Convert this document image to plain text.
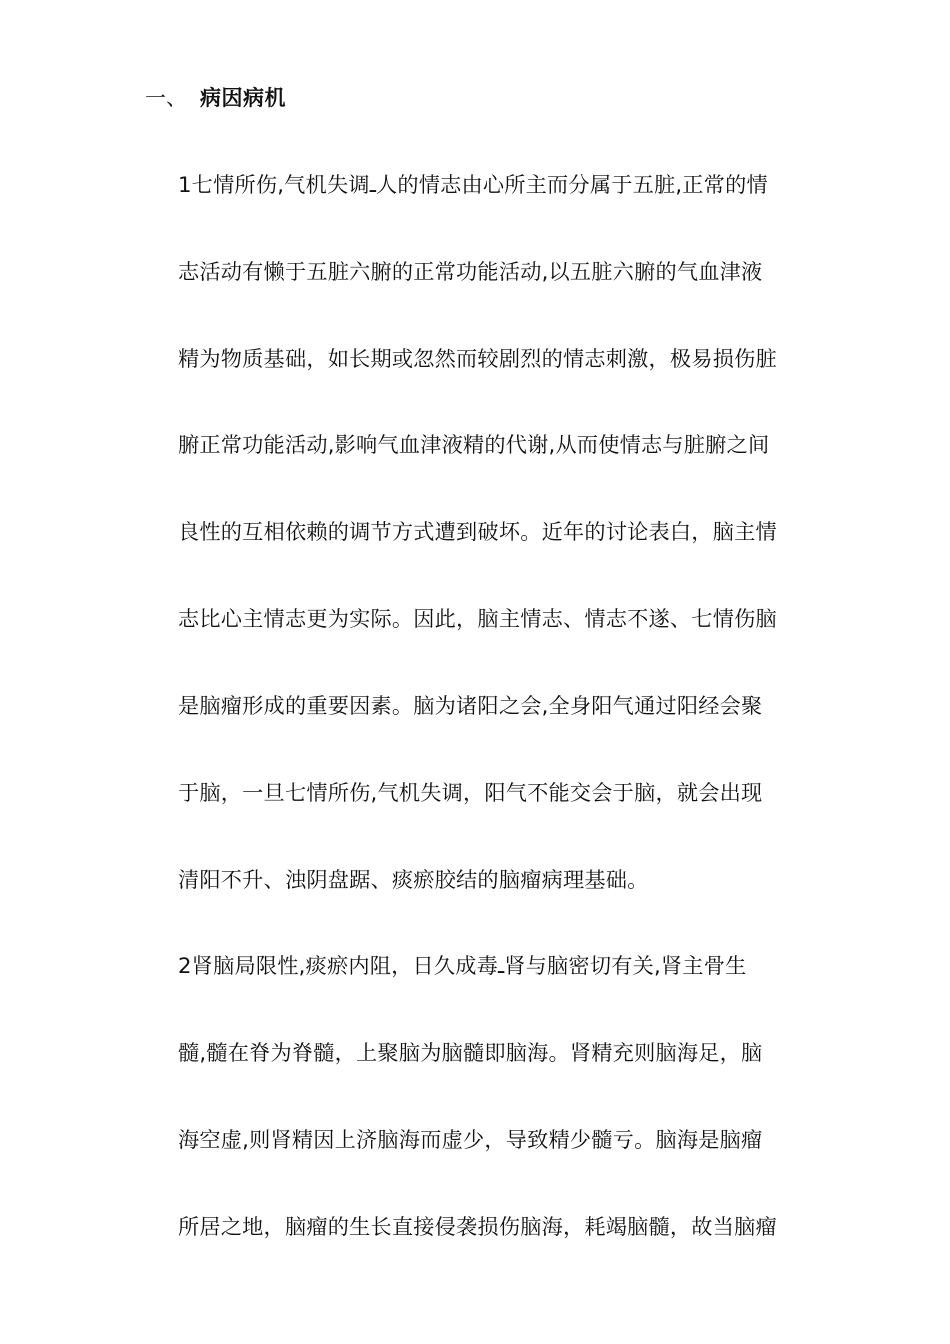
一、 病因病机
1七情所伤,气机失调ـ人的情志由心所主而分属于五脏,正常的情
志活动有懒于五脏六腑的正常功能活动,以五脏六腑的气血津液
精为物质基础，如长期或忽然而较剧烈的情志刺激，极易损伤脏
腑正常功能活动,影响气血津液精的代谢,从而使情志与脏腑之间
良性的互相依赖的调节方式遭到破坏。近年的讨论表白，脑主情
志比心主情志更为实际。因此，脑主情志、情志不遂、七情伤脑
是脑瘤形成的重要因素。脑为诸阳之会,全身阳气通过阳经会聚
于脑，一旦七情所伤,气机失调，阳气不能交会于脑，就会出现
清阳不升、浊阴盘踞、痰瘀胶结的脑瘤病理基础。
2肾脑局限性,痰瘀内阻，日久成毒ـ肾与脑密切有关,肾主骨生
髓,髓在脊为脊髓，上聚脑为脑髓即脑海。肾精充则脑海足，脑
海空虚,则肾精因上济脑海而虚少，导致精少髓亏。脑海是脑瘤
所居之地，脑瘤的生长直接侵袭损伤脑海，耗竭脑髓，故当脑瘤
